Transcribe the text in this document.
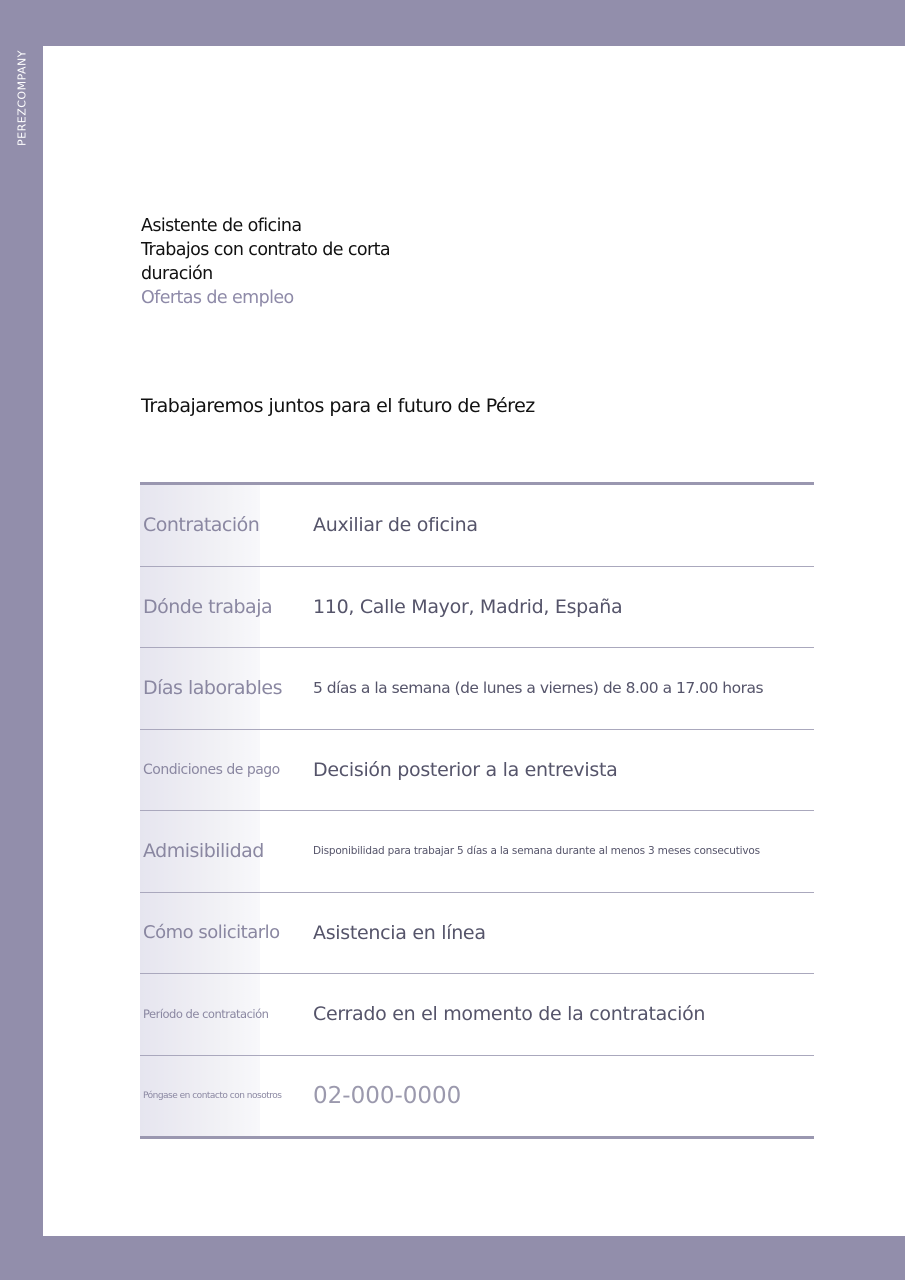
PEREZCOMPANY
Asistente de oficina
Trabajos con contrato de corta
duración
Ofertas de empleo
Trabajaremos juntos para el futuro de Pérez
Contratación	Auxiliar de oficina
Dónde trabaja	110, Calle Mayor, Madrid, España
Días laborables	5 días a la semana (de lunes a viernes) de 8.00 a 17.00 horas
Condiciones de pago	Decisión posterior a la entrevista
Admisibilidad	Disponibilidad para trabajar 5 días a la semana durante al menos 3 meses consecutivos
Cómo solicitarlo	Asistencia en línea
Período de contratación	Cerrado en el momento de la contratación
Póngase en contacto con nosotros	02-000-0000
